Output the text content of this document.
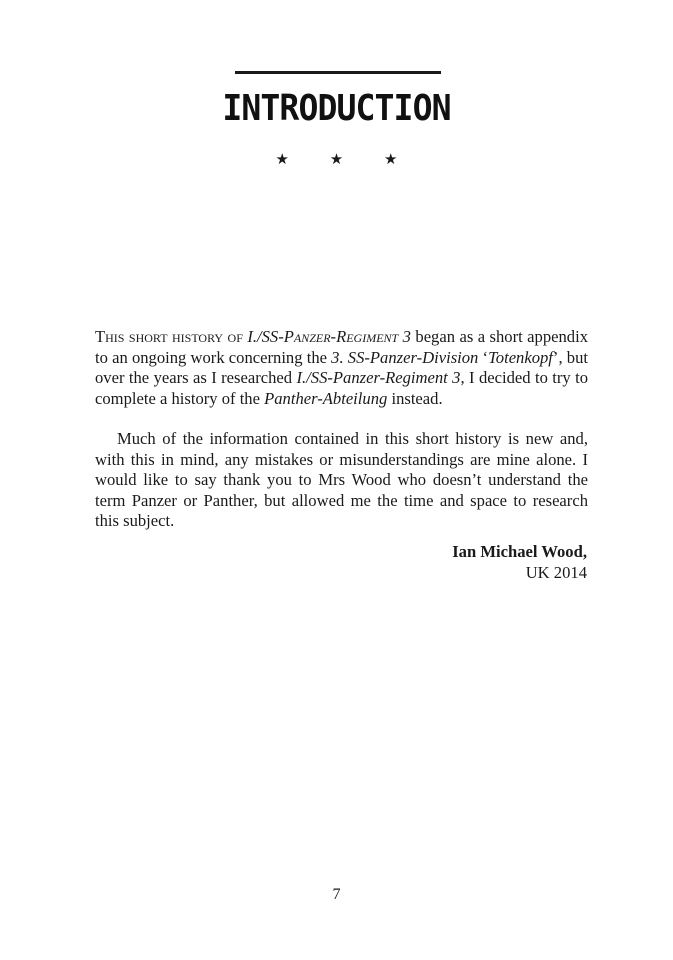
INTRODUCTION
★ ★ ★

This short history of I./SS-Panzer-Regiment 3 began as a short appendix to an ongoing work concerning the 3. SS-Panzer-Division ‘Totenkopf’, but over the years as I researched I./SS-Panzer-Regiment 3, I decided to try to complete a history of the Panther-Abteilung instead.

Much of the information contained in this short history is new and, with this in mind, any mistakes or misunderstandings are mine alone. I would like to say thank you to Mrs Wood who doesn’t understand the term Panzer or Panther, but allowed me the time and space to research this subject.

Ian Michael Wood,
UK 2014
7
